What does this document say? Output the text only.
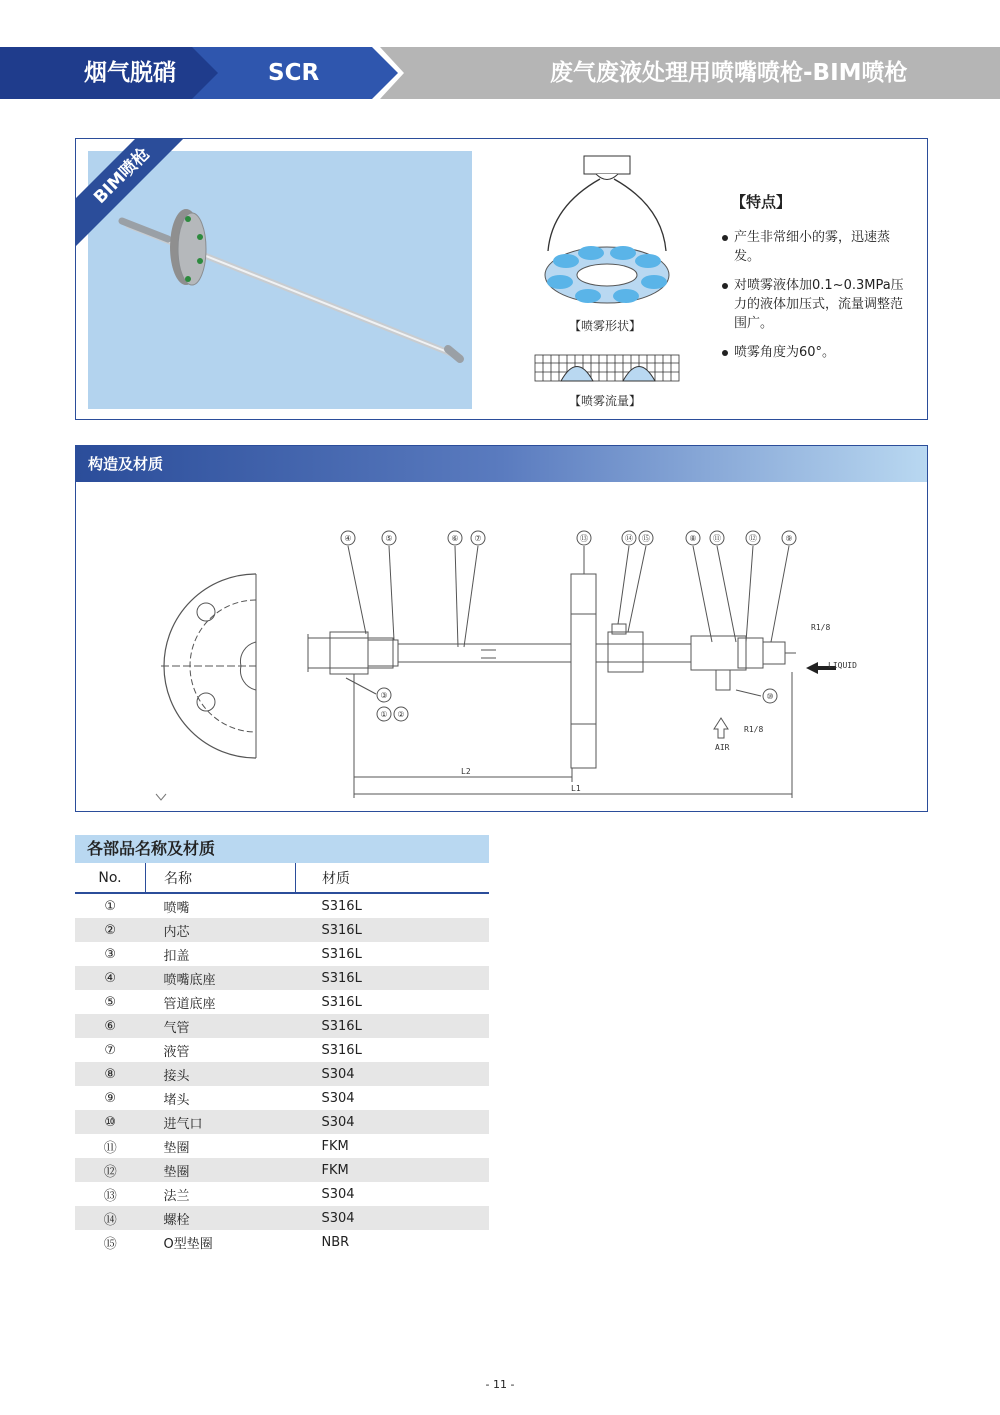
烟气脱硝	SCR	废气废液处理用喷嘴喷枪-BIM喷枪
BIM喷枪
【喷雾形状】
【喷雾流量】
【特点】
产生非常细小的雾，迅速蒸发。
对喷雾液体加0.1~0.3MPa压力的液体加压式，流量调整范围广。
喷雾角度为60°。
构造及材质
R1/8
R1/8
LIQUID
AIR
L2
L1
④	⑤	⑥ ⑦	⑬	⑭ ⑮	⑧ ⑪	⑫	⑨
③
① ②
⑩
各部品名称及材质
No.	名称	材质
①	喷嘴	S316L
②	内芯	S316L
③	扣盖	S316L
④	喷嘴底座	S316L
⑤	管道底座	S316L
⑥	气管	S316L
⑦	液管	S316L
⑧	接头	S304
⑨	堵头	S304
⑩	进气口	S304
⑪	垫圈	FKM
⑫	垫圈	FKM
⑬	法兰	S304
⑭	螺栓	S304
⑮	O型垫圈	NBR
- 11 -
